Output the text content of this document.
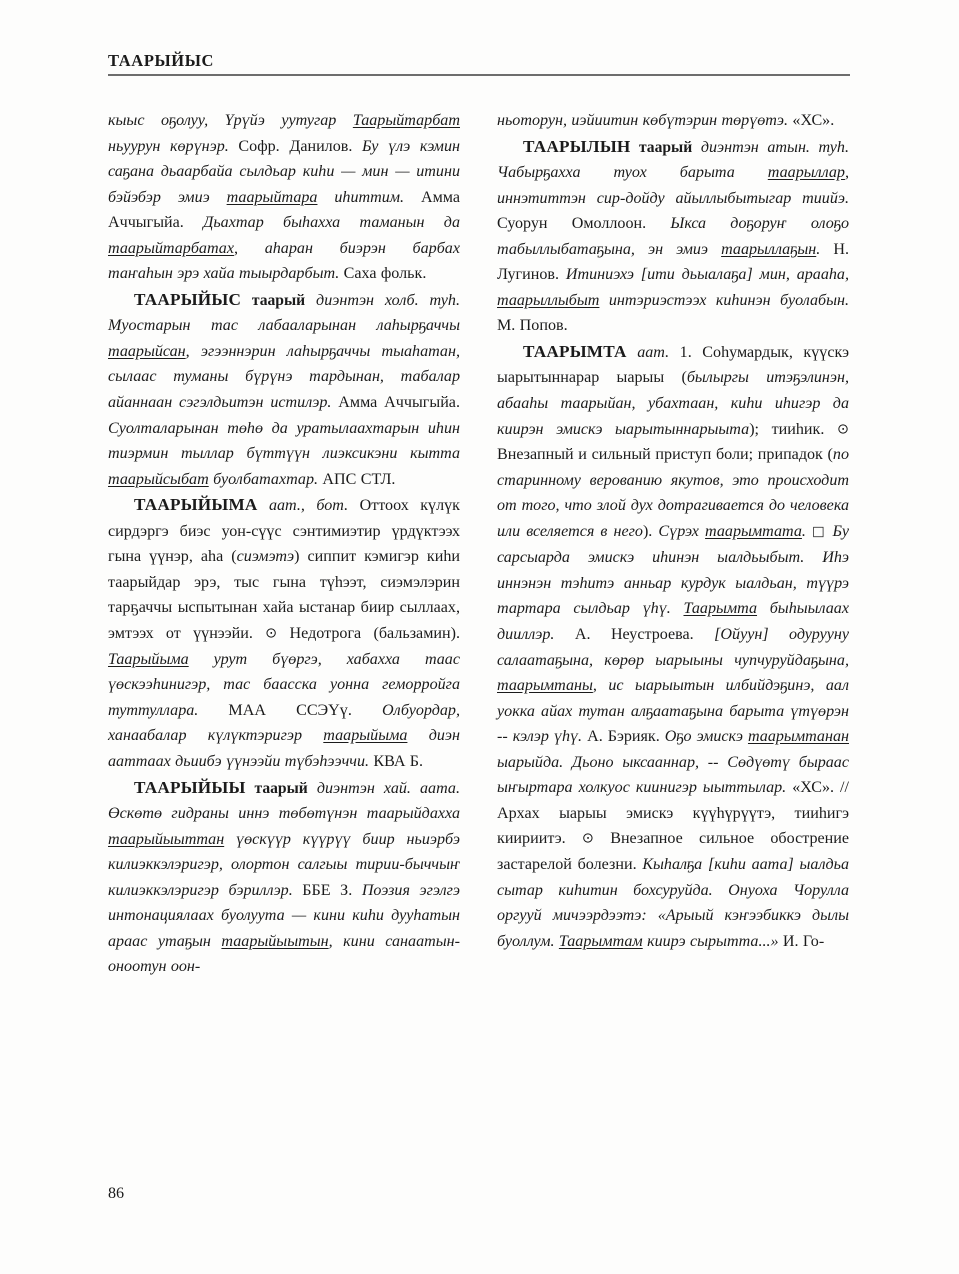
ТААРЫЙЫС

кыыс оҕолуу, Үрүйэ уутугар Таарыйтарбат ньуурун көрүнэр. Софр. Данилов. Бу үлэ кэмин саҕана дьаарбайа сылдьар киһи — мин — итини бэйэбэр эмиэ таарыйтара иһиттим. Амма Аччыгыйа. Дьахтар быһахха таманын да таарыйтарбатах, аһаран биэрэн барбах таҥаһын эрэ хайа тыырдарбыт. Саха фольк.

ТААРЫЙЫС таарый диэнтэн холб. туһ. Муостарын тас лабааларынан лаһырҕаччы таарыйсан, эгээннэрин лаһырҕаччы тыаһатан, сылаас туманы бүрүнэ тардынан, табалар айаннаан сэгэлдьитэн истилэр. Амма Аччыгыйа. Суолталарынан төһө да уратылаахтарын иһин тиэрмин тыллар бүттүүн лиэксикэни кытта таарыйсыбат буолбатахтар. АПС СТЛ.

ТААРЫЙЫМА аат., бот. Оттоох күлүк сирдэргэ биэс уон-сүүс сэнтимиэтир үрдүктээх гына үүнэр, аһа (сиэмэтэ) сиппит кэмигэр киһи таарыйдар эрэ, тыс гына түһээт, сиэмэлэрин тарҕаччы ыспытынан хайа ыстанар биир сыллаах, эмтээх от үүнээйи. ⊙ Недотрога (бальзамин). Таарыйыма урут бүөргэ, хабахха таас үөскээһинигэр, тас баасска уонна геморройга туттуллара. МАА ССЭҮү. Олбуордар, ханаабалар күлүктэригэр таарыйыма диэн ааттаах дьиибэ үүнээйи түбэһээччи. КВА Б.

ТААРЫЙЫЫ таарый диэнтэн хай. аата. Өскөтө гидраны иннэ төбөтүнэн таарыйдахха таарыйыыттан үөскүүр күүрүү биир ньиэрбэ килиэккэлэригэр, олортон салгыы тирии-быччыҥ килиэккэлэригэр бэриллэр. ББЕ З. Поэзия эгэлгэ интонациялаах буолуута — кини киһи дууһатын араас утаҕын таарыйыытын, кини санаатын-оноотун оон-

ньоторун, иэйиитин көбүтэрин төрүөтэ. «ХС».

ТААРЫЛЫН таарый диэнтэн атын. туһ. Чабырҕахха туох барыта таарыллар, иннэтиттэн сир-дойду айыллыбытыгар тиийэ. Суорун Омоллоон. Ыкса доҕоруҥ олоҕо табыллыбатаҕына, эн эмиэ таарыллаҕын. Н. Лугинов. Итиниэхэ [ити дьыалаҕа] мин, арааһа, таарыллыбыт интэриэстээх киһинэн буолабын. М. Попов.

ТААРЫМТА аат. 1. Соһумардык, күүскэ ыарытыннарар ыарыы (былыргы итэҕэлинэн, абааһы таарыйан, убахтаан, киһи иһигэр да киирэн эмискэ ыарытыннарыыта); тииһик. ⊙ Внезапный и сильный приступ боли; припадок (по старинному верованию якутов, это происходит от того, что злой дух дотрагивается до человека или вселяется в него). Сүрэх таарымтата. □ Бу сарсыарда эмискэ иһинэн ыалдьыбыт. Иһэ иннэнэн тэһитэ анньар курдук ыалдьан, түүрэ тартара сылдьар үһү. Таарымта быһыылаах дииллэр. А. Неустроева. [Ойуун] одурууну салаатаҕына, көрөр ыарыыны чупчуруйдаҕына, таарымтаны, ис ыарыытын илбийдэҕинэ, аал уокка айах тутан алҕаатаҕына барыта үтүөрэн -- кэлэр үһү. А. Бэрияк. Оҕо эмискэ таарымтанан ыарыйда. Дьоно ыксааннар, -- Сөдүөтү быраас ыҥыртара холкуос киинигэр ыыттылар. «ХС». // Архах ыарыы эмискэ күүһүрүүтэ, тииһигэ киириитэ. ⊙ Внезапное сильное обострение застарелой болезни. Кыһалҕа [киһи аата] ыалдьа сытар киһитин бохсуруйда. Онуоха Чорулла оргууй мичээрдээтэ: «Арыый кэҥээбиккэ дылы буоллум. Таарымтам киирэ сырытта...» И. Го-

86
